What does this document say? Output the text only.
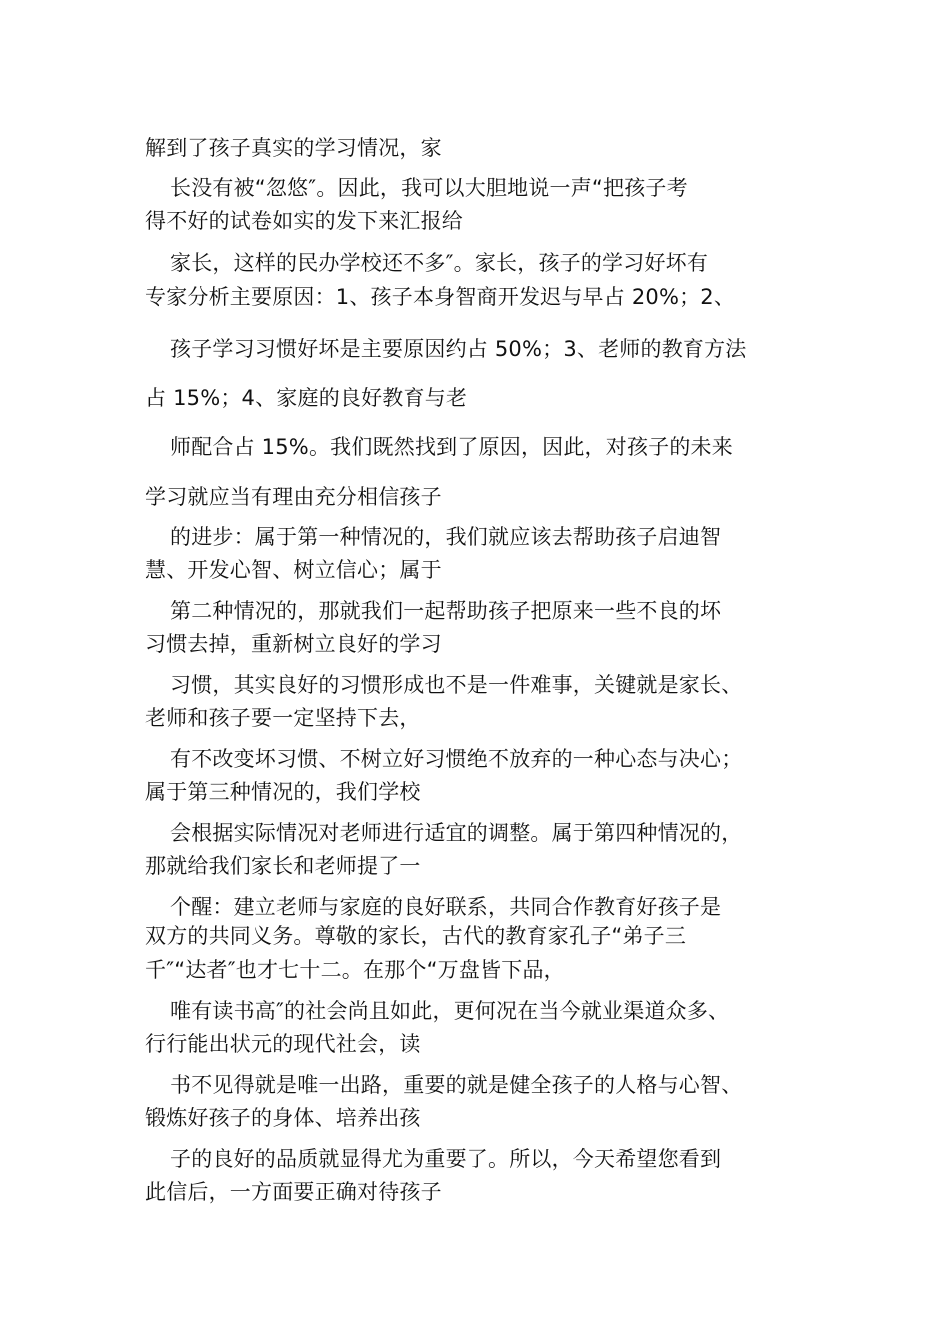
解到了孩子真实的学习情况，家
长没有被“忽悠″。因此，我可以大胆地说一声“把孩子考
得不好的试卷如实的发下来汇报给
家长，这样的民办学校还不多″。家长，孩子的学习好坏有
专家分析主要原因：1、孩子本身智商开发迟与早占 20%；2、
孩子学习习惯好坏是主要原因约占 50%；3、老师的教育方法
占 15%；4、家庭的良好教育与老
师配合占 15%。我们既然找到了原因，因此，对孩子的未来
学习就应当有理由充分相信孩子
的进步：属于第一种情况的，我们就应该去帮助孩子启迪智
慧、开发心智、树立信心；属于
第二种情况的，那就我们一起帮助孩子把原来一些不良的坏
习惯去掉，重新树立良好的学习
习惯，其实良好的习惯形成也不是一件难事，关键就是家长、
老师和孩子要一定坚持下去，
有不改变坏习惯、不树立好习惯绝不放弃的一种心态与决心；
属于第三种情况的，我们学校
会根据实际情况对老师进行适宜的调整。属于第四种情况的，
那就给我们家长和老师提了一
个醒：建立老师与家庭的良好联系，共同合作教育好孩子是
双方的共同义务。尊敬的家长，古代的教育家孔子“弟子三
千″“达者″也才七十二。在那个“万盘皆下品，
唯有读书高″的社会尚且如此，更何况在当今就业渠道众多、
行行能出状元的现代社会，读
书不见得就是唯一出路，重要的就是健全孩子的人格与心智、
锻炼好孩子的身体、培养出孩
子的良好的品质就显得尤为重要了。所以，今天希望您看到
此信后，一方面要正确对待孩子
